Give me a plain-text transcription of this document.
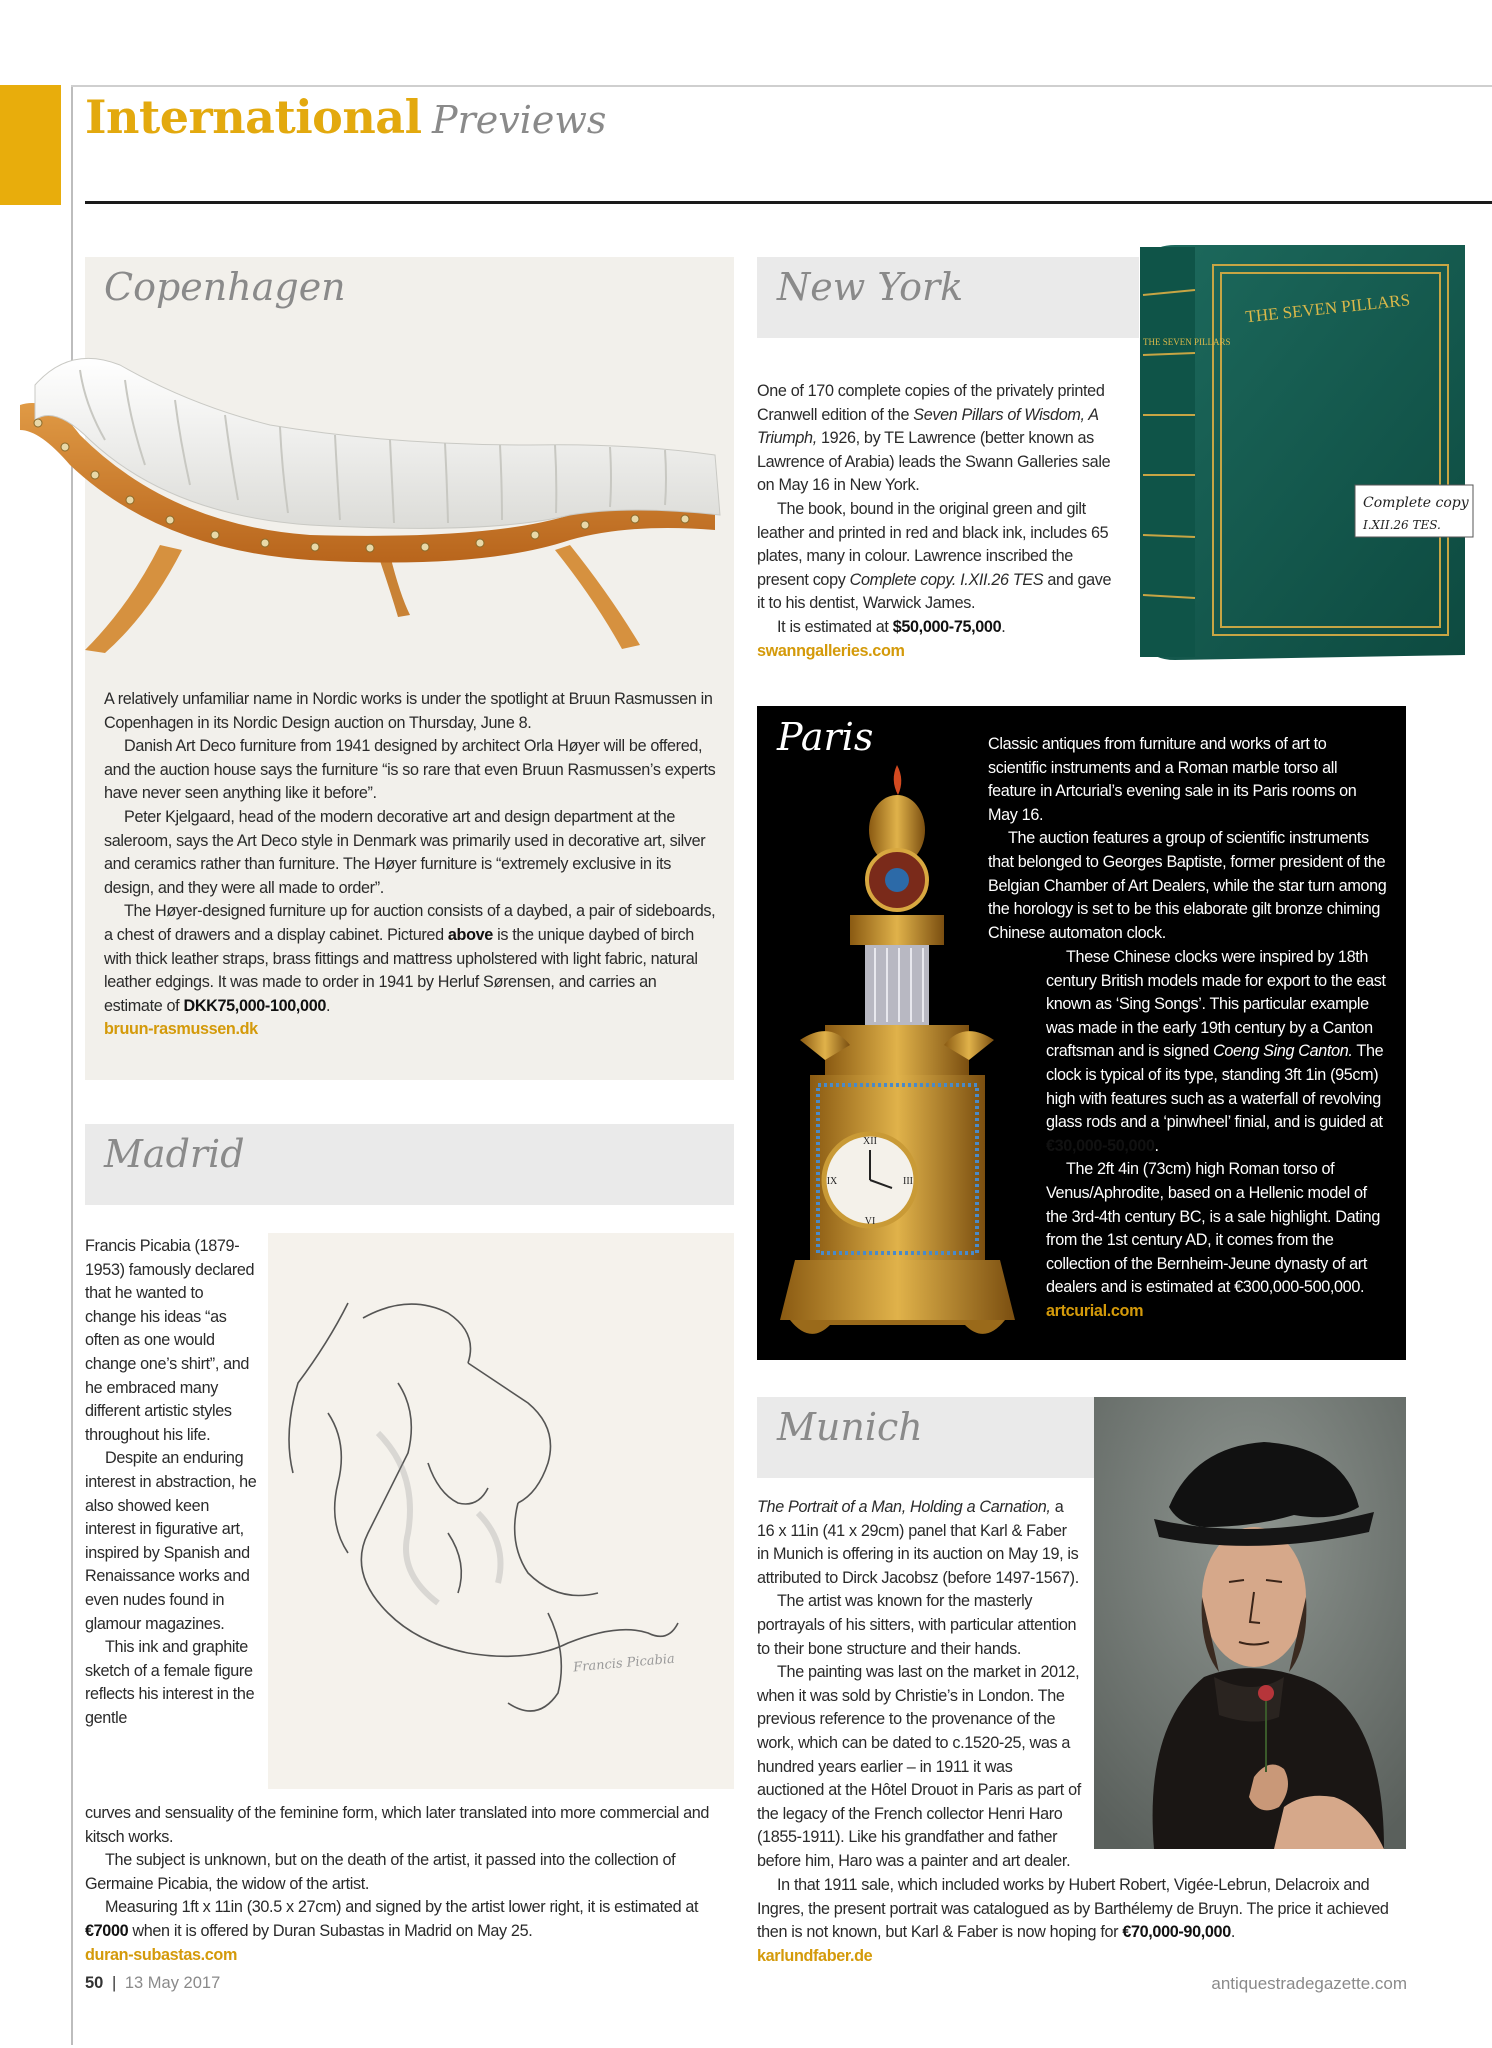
International Previews
Copenhagen

A relatively unfamiliar name in Nordic works is under the spotlight at Bruun Rasmussen in Copenhagen in its Nordic Design auction on Thursday, June 8.

Danish Art Deco furniture from 1941 designed by architect Orla Høyer will be offered, and the auction house says the furniture “is so rare that even Bruun Rasmussen’s experts have never seen anything like it before”.

Peter Kjelgaard, head of the modern decorative art and design department at the saleroom, says the Art Deco style in Denmark was primarily used in decorative art, silver and ceramics rather than furniture. The Høyer furniture is “extremely exclusive in its design, and they were all made to order”.

The Høyer-designed furniture up for auction consists of a daybed, a pair of sideboards, a chest of drawers and a display cabinet. Pictured above is the unique daybed of birch with thick leather straps, brass fittings and mattress upholstered with light fabric, natural leather edgings. It was made to order in 1941 by Herluf Sørensen, and carries an estimate of DKK75,000-100,000.

bruun-rasmussen.dk
New York	THE SEVEN PILLARS
THE SEVEN PILLARS
Complete copy
I.XII.26 TES.

One of 170 complete copies of the privately printed Cranwell edition of the Seven Pillars of Wisdom, A Triumph, 1926, by TE Lawrence (better known as Lawrence of Arabia) leads the Swann Galleries sale on May 16 in New York.

The book, bound in the original green and gilt leather and printed in red and black ink, includes 65 plates, many in colour. Lawrence inscribed the present copy Complete copy. I.XII.26 TES and gave it to his dentist, Warwick James.

It is estimated at $50,000-75,000.

swanngalleries.com
Paris
XII
VI
IX	III

Classic antiques from furniture and works of art to scientific instruments and a Roman marble torso all feature in Artcurial’s evening sale in its Paris rooms on May 16.

The auction features a group of scientific instruments that belonged to Georges Baptiste, former president of the Belgian Chamber of Art Dealers, while the star turn among the horology is set to be this elaborate gilt bronze chiming Chinese automaton clock.

These Chinese clocks were inspired by 18th century British models made for export to the east known as ‘Sing Songs’. This particular example was made in the early 19th century by a Canton craftsman and is signed Coeng Sing Canton. The clock is typical of its type, standing 3ft 1in (95cm) high with features such as a waterfall of revolving glass rods and a ‘pinwheel’ finial, and is guided at €30,000-50,000.

The 2ft 4in (73cm) high Roman torso of Venus/Aphrodite, based on a Hellenic model of the 3rd-4th century BC, is a sale highlight. Dating from the 1st century AD, it comes from the collection of the Bernheim-Jeune dynasty of art dealers and is estimated at €300,000-500,000.

artcurial.com
Madrid
Francis Picabia

Francis Picabia (1879-1953) famously declared that he wanted to change his ideas “as often as one would change one’s shirt”, and he embraced many different artistic styles throughout his life.

Despite an enduring interest in abstraction, he also showed keen interest in figurative art, inspired by Spanish and Renaissance works and even nudes found in glamour magazines.

This ink and graphite sketch of a female figure reflects his interest in the gentle

curves and sensuality of the feminine form, which later translated into more commercial and kitsch works.

The subject is unknown, but on the death of the artist, it passed into the collection of Germaine Picabia, the widow of the artist.

Measuring 1ft x 11in (30.5 x 27cm) and signed by the artist lower right, it is estimated at €7000 when it is offered by Duran Subastas in Madrid on May 25.

duran-subastas.com
Munich

The Portrait of a Man, Holding a Carnation, a 16 x 11in (41 x 29cm) panel that Karl & Faber in Munich is offering in its auction on May 19, is attributed to Dirck Jacobsz (before 1497-1567).

The artist was known for the masterly portrayals of his sitters, with particular attention to their bone structure and their hands.

The painting was last on the market in 2012, when it was sold by Christie’s in London. The previous reference to the provenance of the work, which can be dated to c.1520-25, was a hundred years earlier – in 1911 it was auctioned at the Hôtel Drouot in Paris as part of the legacy of the French collector Henri Haro (1855-1911). Like his grandfather and father before him, Haro was a painter and art dealer.

In that 1911 sale, which included works by Hubert Robert, Vigée-Lebrun, Delacroix and Ingres, the present portrait was catalogued as by Barthélemy de Bruyn. The price it achieved then is not known, but Karl & Faber is now hoping for €70,000-90,000.

karlundfaber.de
50 | 13 May 2017	antiquestradegazette.com
